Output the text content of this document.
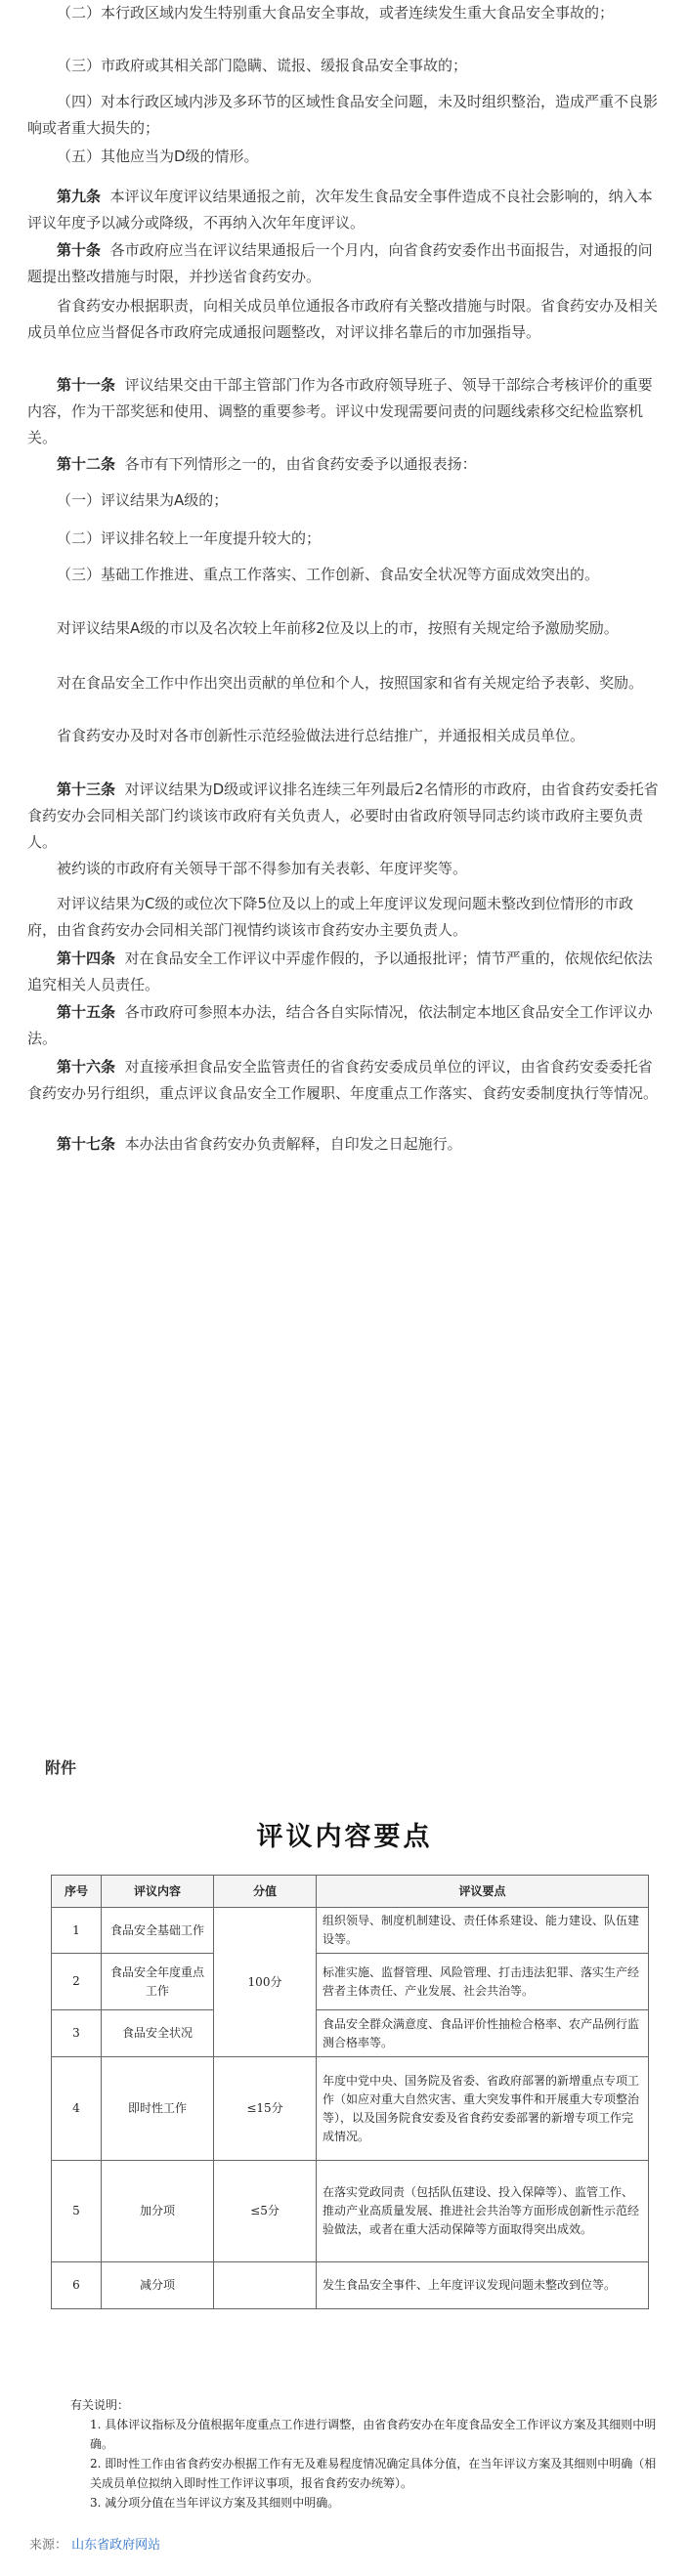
（二）本行政区域内发生特别重大食品安全事故，或者连续发生重大食品安全事故的；

（三）市政府或其相关部门隐瞒、谎报、缓报食品安全事故的；

（四）对本行政区域内涉及多环节的区域性食品安全问题，未及时组织整治，造成严重不良影响或者重大损失的；

（五）其他应当为D级的情形。

第九条 本评议年度评议结果通报之前，次年发生食品安全事件造成不良社会影响的，纳入本评议年度予以减分或降级，不再纳入次年年度评议。

第十条 各市政府应当在评议结果通报后一个月内，向省食药安委作出书面报告，对通报的问题提出整改措施与时限，并抄送省食药安办。

省食药安办根据职责，向相关成员单位通报各市政府有关整改措施与时限。省食药安办及相关成员单位应当督促各市政府完成通报问题整改，对评议排名靠后的市加强指导。

第十一条 评议结果交由干部主管部门作为各市政府领导班子、领导干部综合考核评价的重要内容，作为干部奖惩和使用、调整的重要参考。评议中发现需要问责的问题线索移交纪检监察机关。

第十二条 各市有下列情形之一的，由省食药安委予以通报表扬：

（一）评议结果为A级的；

（二）评议排名较上一年度提升较大的；

（三）基础工作推进、重点工作落实、工作创新、食品安全状况等方面成效突出的。

对评议结果A级的市以及名次较上年前移2位及以上的市，按照有关规定给予激励奖励。

对在食品安全工作中作出突出贡献的单位和个人，按照国家和省有关规定给予表彰、奖励。

省食药安办及时对各市创新性示范经验做法进行总结推广，并通报相关成员单位。

第十三条 对评议结果为D级或评议排名连续三年列最后2名情形的市政府，由省食药安委托省食药安办会同相关部门约谈该市政府有关负责人，必要时由省政府领导同志约谈市政府主要负责人。

被约谈的市政府有关领导干部不得参加有关表彰、年度评奖等。

对评议结果为C级的或位次下降5位及以上的或上年度评议发现问题未整改到位情形的市政府，由省食药安办会同相关部门视情约谈该市食药安办主要负责人。

第十四条 对在食品安全工作评议中弄虚作假的，予以通报批评；情节严重的，依规依纪依法追究相关人员责任。

第十五条 各市政府可参照本办法，结合各自实际情况，依法制定本地区食品安全工作评议办法。

第十六条 对直接承担食品安全监管责任的省食药安委成员单位的评议，由省食药安委委托省食药安办另行组织，重点评议食品安全工作履职、年度重点工作落实、食药安委制度执行等情况。

第十七条 本办法由省食药安办负责解释，自印发之日起施行。

附件

评议内容要点

序号	评议内容	分值	评议要点
1	食品安全基础工作	100分	组织领导、制度机制建设、责任体系建设、能力建设、队伍建设等。
2	食品安全年度重点工作		标准实施、监督管理、风险管理、打击违法犯罪、落实生产经营者主体责任、产业发展、社会共治等。
3	食品安全状况		食品安全群众满意度、食品评价性抽检合格率、农产品例行监测合格率等。
4	即时性工作	≤15分	年度中党中央、国务院及省委、省政府部署的新增重点专项工作（如应对重大自然灾害、重大突发事件和开展重大专项整治等），以及国务院食安委及省食药安委部署的新增专项工作完成情况。
5	加分项	≤5分	在落实党政同责（包括队伍建设、投入保障等）、监管工作、推动产业高质量发展、推进社会共治等方面形成创新性示范经验做法，或者在重大活动保障等方面取得突出成效。
6	减分项		发生食品安全事件、上年度评议发现问题未整改到位等。

有关说明：

1. 具体评议指标及分值根据年度重点工作进行调整，由省食药安办在年度食品安全工作评议方案及其细则中明确。

2. 即时性工作由省食药安办根据工作有无及难易程度情况确定具体分值，在当年评议方案及其细则中明确（相关成员单位拟纳入即时性工作评议事项，报省食药安办统筹）。

3. 减分项分值在当年评议方案及其细则中明确。

来源： 山东省政府网站
